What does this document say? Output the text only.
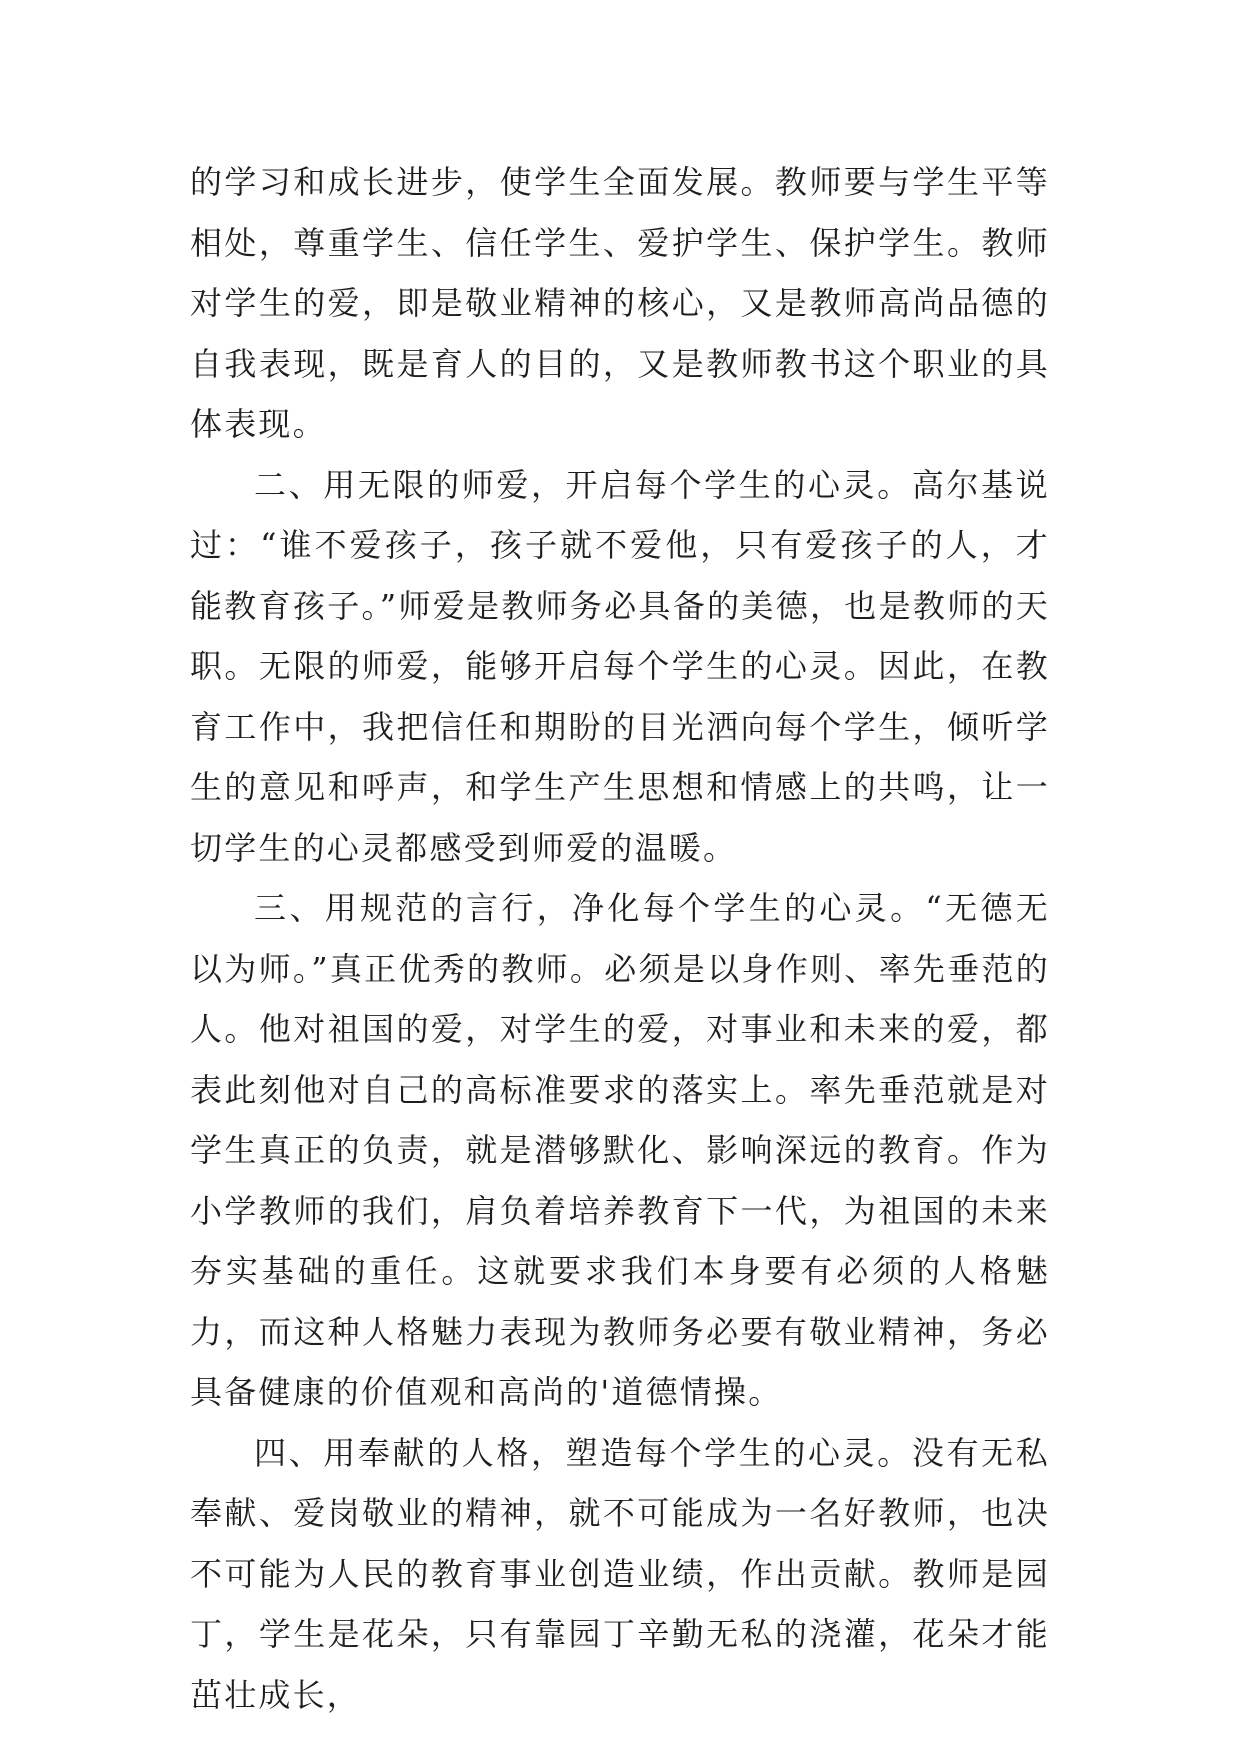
的学习和成长进步，使学生全面发展。教师要与学生平等相处，尊重学生、信任学生、爱护学生、保护学生。教师对学生的爱，即是敬业精神的核心，又是教师高尚品德的自我表现，既是育人的目的，又是教师教书这个职业的具体表现。

二、用无限的师爱，开启每个学生的心灵。高尔基说过：“谁不爱孩子，孩子就不爱他，只有爱孩子的人，才能教育孩子。”师爱是教师务必具备的美德，也是教师的天职。无限的师爱，能够开启每个学生的心灵。因此，在教育工作中，我把信任和期盼的目光洒向每个学生，倾听学生的意见和呼声，和学生产生思想和情感上的共鸣，让一切学生的心灵都感受到师爱的温暖。

三、用规范的言行，净化每个学生的心灵。“无德无以为师。”真正优秀的教师。必须是以身作则、率先垂范的人。他对祖国的爱，对学生的爱，对事业和未来的爱，都表此刻他对自己的高标准要求的落实上。率先垂范就是对学生真正的负责，就是潜够默化、影响深远的教育。作为小学教师的我们，肩负着培养教育下一代，为祖国的未来夯实基础的重任。这就要求我们本身要有必须的人格魅力，而这种人格魅力表现为教师务必要有敬业精神，务必具备健康的价值观和高尚的'道德情操。

四、用奉献的人格，塑造每个学生的心灵。没有无私奉献、爱岗敬业的精神，就不可能成为一名好教师，也决不可能为人民的教育事业创造业绩，作出贡献。教师是园丁，学生是花朵，只有靠园丁辛勤无私的浇灌，花朵才能茁壮成长，
